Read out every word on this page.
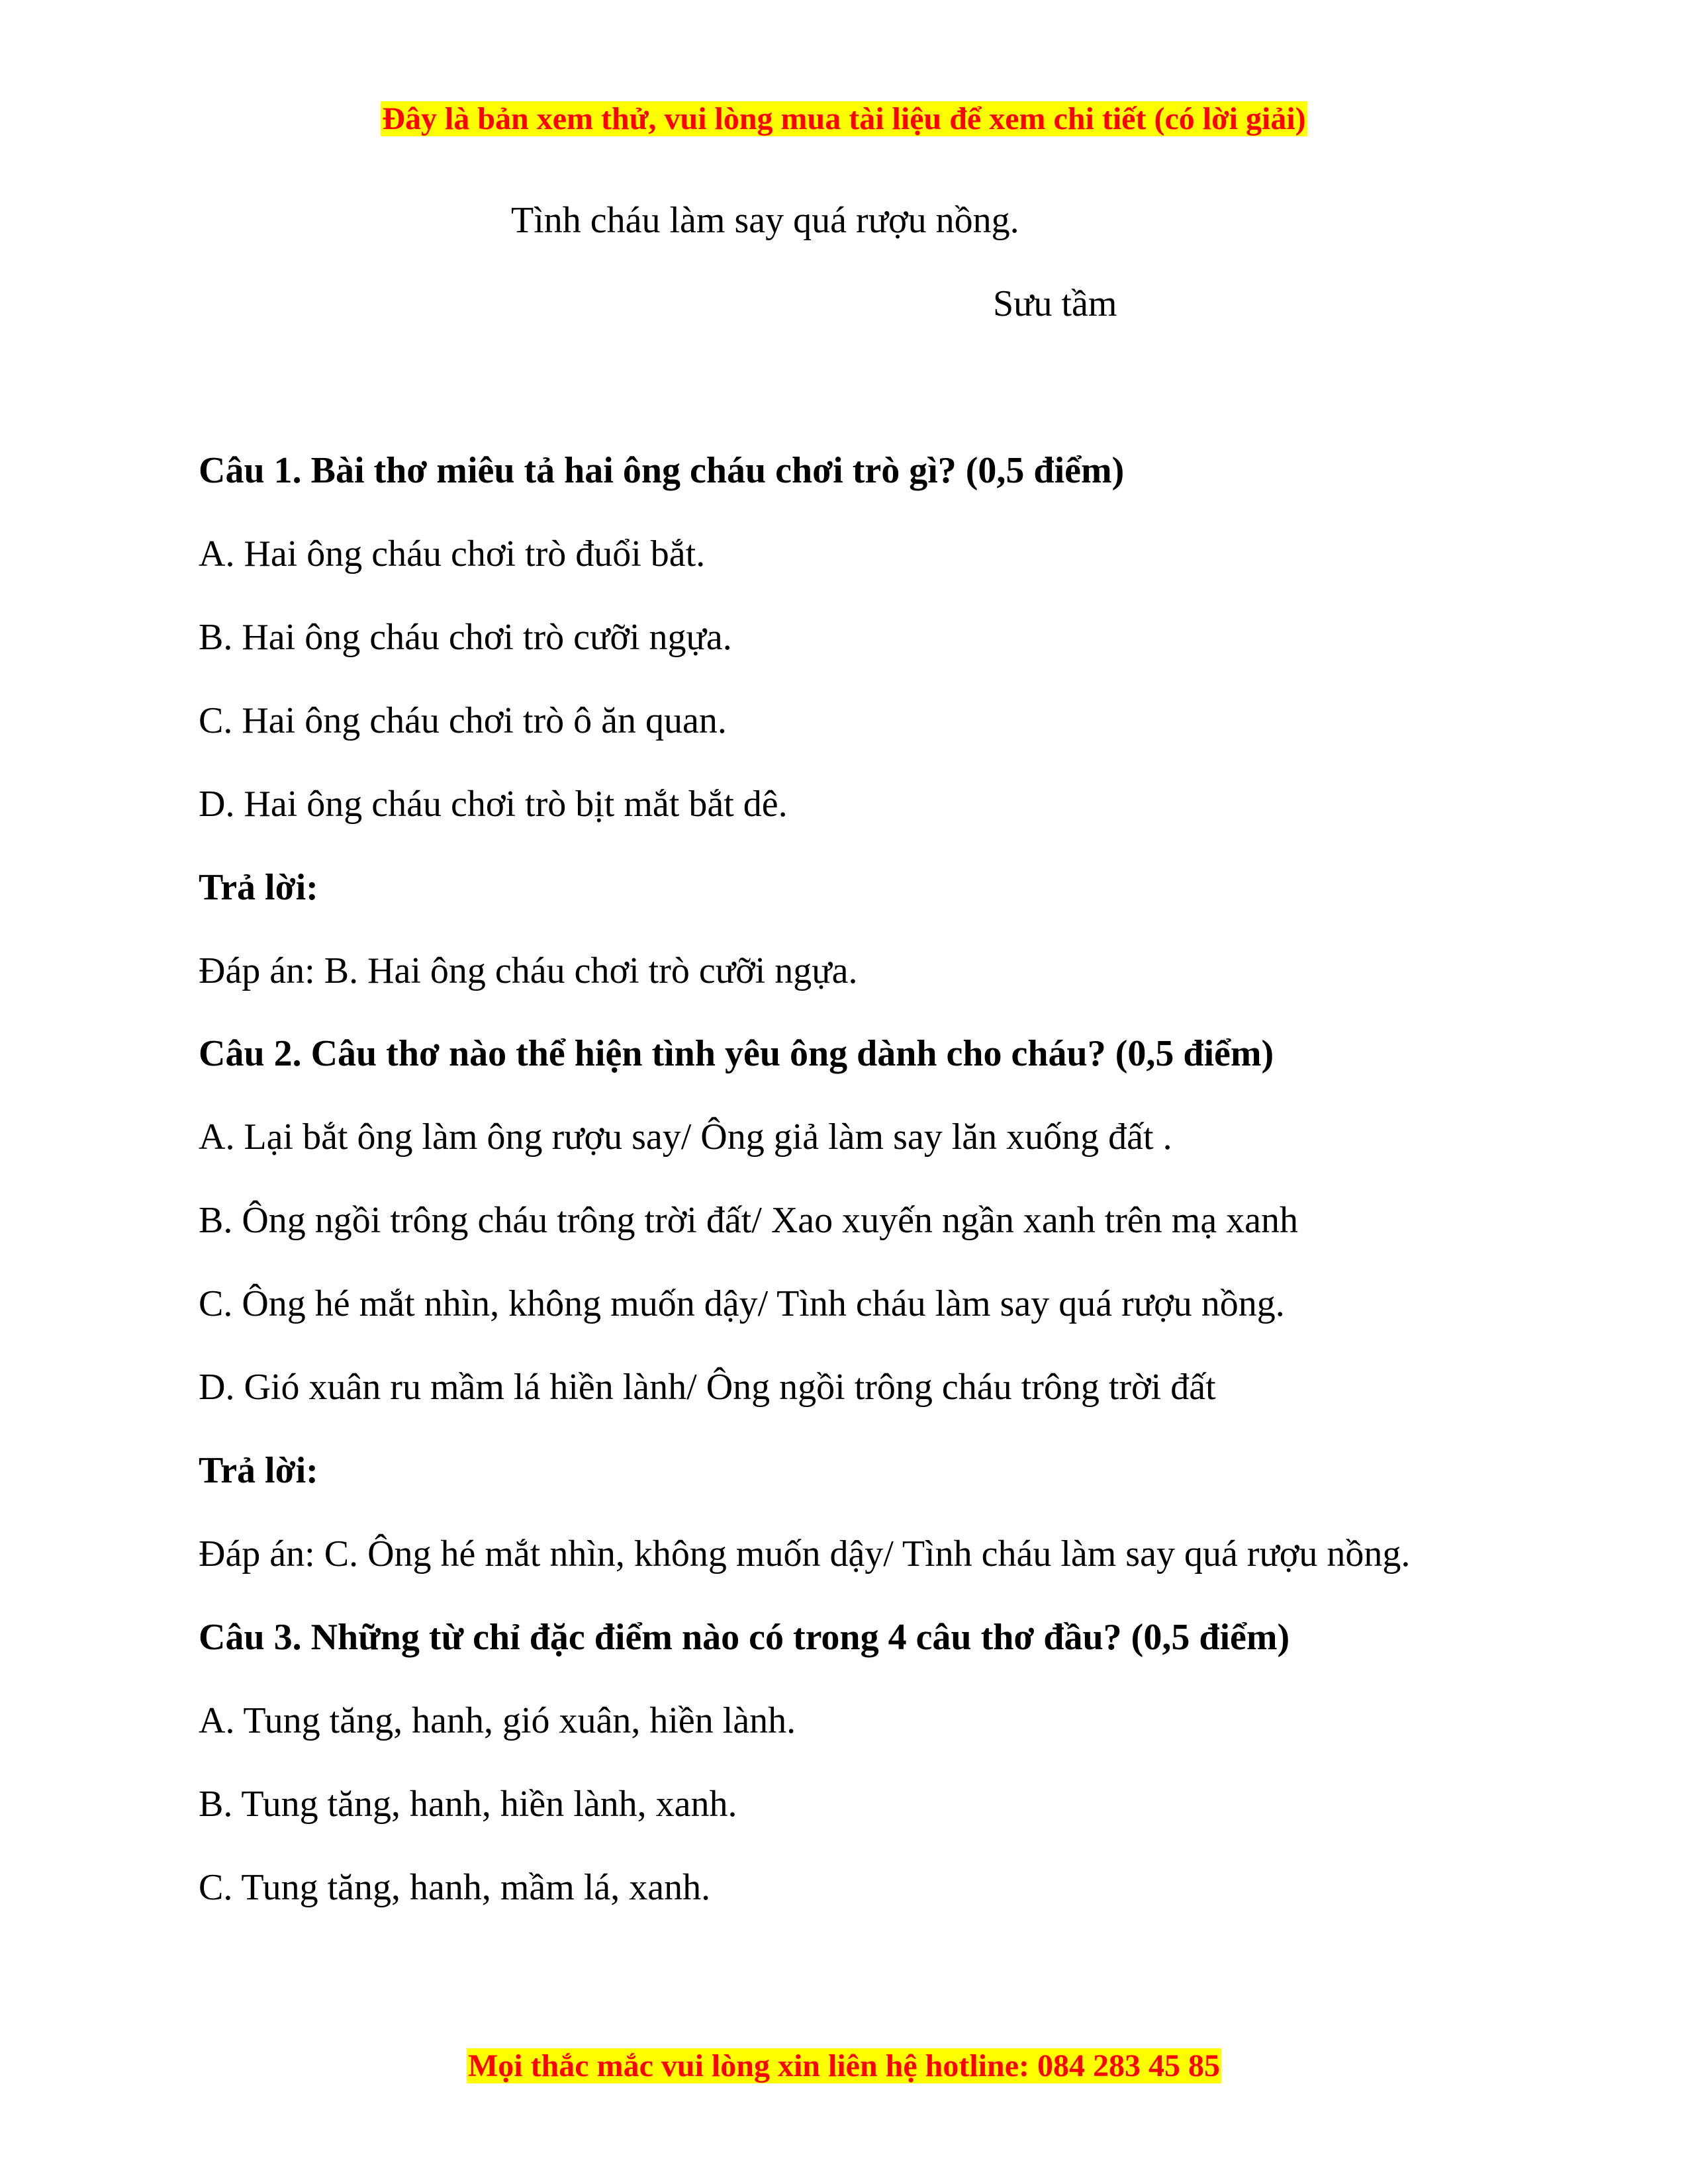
Đây là bản xem thử, vui lòng mua tài liệu để xem chi tiết (có lời giải)
Tình cháu làm say quá rượu nồng.
Sưu tầm
Câu 1. Bài thơ miêu tả hai ông cháu chơi trò gì? (0,5 điểm)
A. Hai ông cháu chơi trò đuổi bắt.
B. Hai ông cháu chơi trò cưỡi ngựa.
C. Hai ông cháu chơi trò ô ăn quan.
D. Hai ông cháu chơi trò bịt mắt bắt dê.
Trả lời:
Đáp án: B. Hai ông cháu chơi trò cưỡi ngựa.
Câu 2. Câu thơ nào thể hiện tình yêu ông dành cho cháu? (0,5 điểm)
A. Lại bắt ông làm ông rượu say/ Ông giả làm say lăn xuống đất .
B. Ông ngồi trông cháu trông trời đất/ Xao xuyến ngần xanh trên mạ xanh
C. Ông hé mắt nhìn, không muốn dậy/ Tình cháu làm say quá rượu nồng.
D. Gió xuân ru mầm lá hiền lành/ Ông ngồi trông cháu trông trời đất
Trả lời:
Đáp án: C. Ông hé mắt nhìn, không muốn dậy/ Tình cháu làm say quá rượu nồng.
Câu 3. Những từ chỉ đặc điểm nào có trong 4 câu thơ đầu? (0,5 điểm)
A. Tung tăng, hanh, gió xuân, hiền lành.
B. Tung tăng, hanh, hiền lành, xanh.
C. Tung tăng, hanh, mầm lá, xanh.
Mọi thắc mắc vui lòng xin liên hệ hotline: 084 283 45 85
